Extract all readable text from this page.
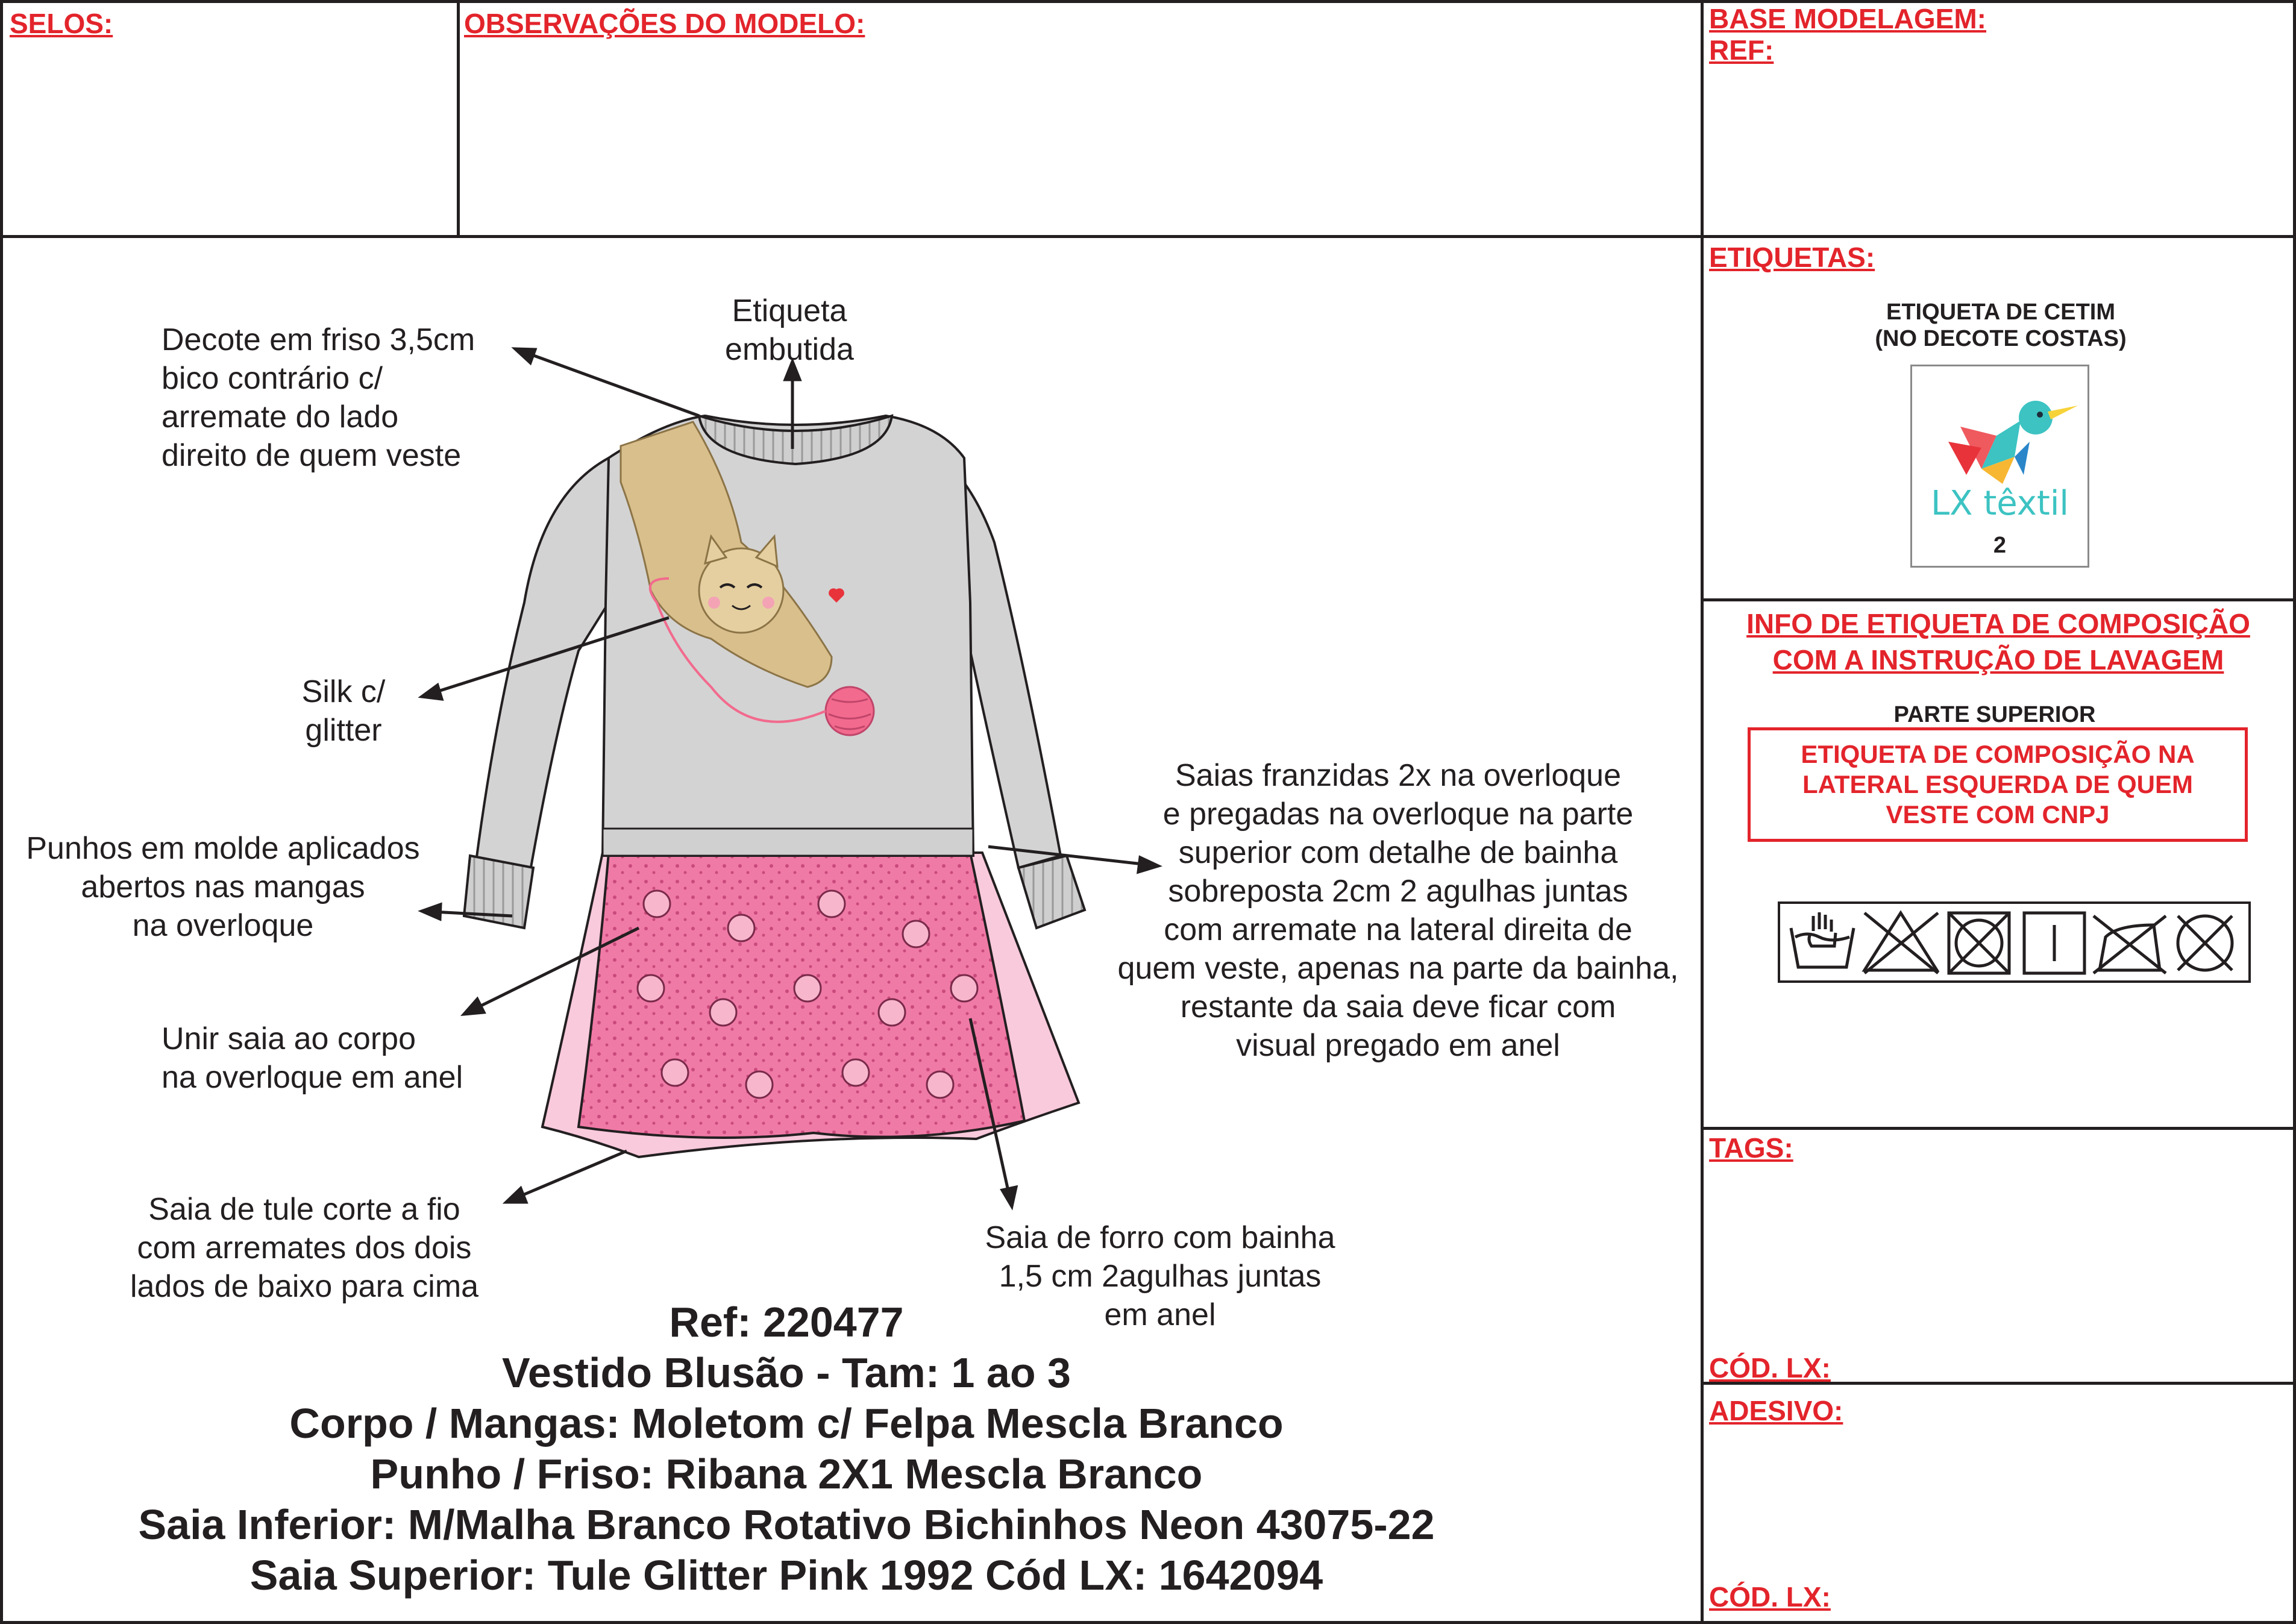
SELOS:	OBSERVAÇÕES DO MODELO:	BASE MODELAGEM:
REF:
ETIQUETAS:
ETIQUETA DE CETIM
(NO DECOTE COSTAS)
LX têxtil
2
INFO DE ETIQUETA DE COMPOSIÇÃO
COM A INSTRUÇÃO DE LAVAGEM
PARTE SUPERIOR
ETIQUETA DE COMPOSIÇÃO NA
LATERAL ESQUERDA DE QUEM
VESTE COM CNPJ
TAGS:
CÓD. LX:
ADESIVO:
CÓD. LX:
Etiqueta
embutida
Decote em friso 3,5cm
bico contrário c/
arremate do lado
direito de quem veste
Silk c/
glitter
Punhos em molde aplicados
abertos nas mangas
na overloque
Unir saia ao corpo
na overloque em anel
Saia de tule corte a fio
com arremates dos dois
lados de baixo para cima
Saias franzidas 2x na overloque
e pregadas na overloque na parte
superior com detalhe de bainha
sobreposta 2cm 2 agulhas juntas
com arremate na lateral direita de
quem veste, apenas na parte da bainha,
restante da saia deve ficar com
visual pregado em anel
Saia de forro com bainha
1,5 cm 2agulhas juntas
em anel
Ref: 220477
Vestido Blusão - Tam: 1 ao 3
Corpo / Mangas: Moletom c/ Felpa Mescla Branco
Punho / Friso: Ribana 2X1 Mescla Branco
Saia Inferior: M/Malha Branco Rotativo Bichinhos Neon 43075-22
Saia Superior: Tule Glitter Pink 1992 Cód LX: 1642094
